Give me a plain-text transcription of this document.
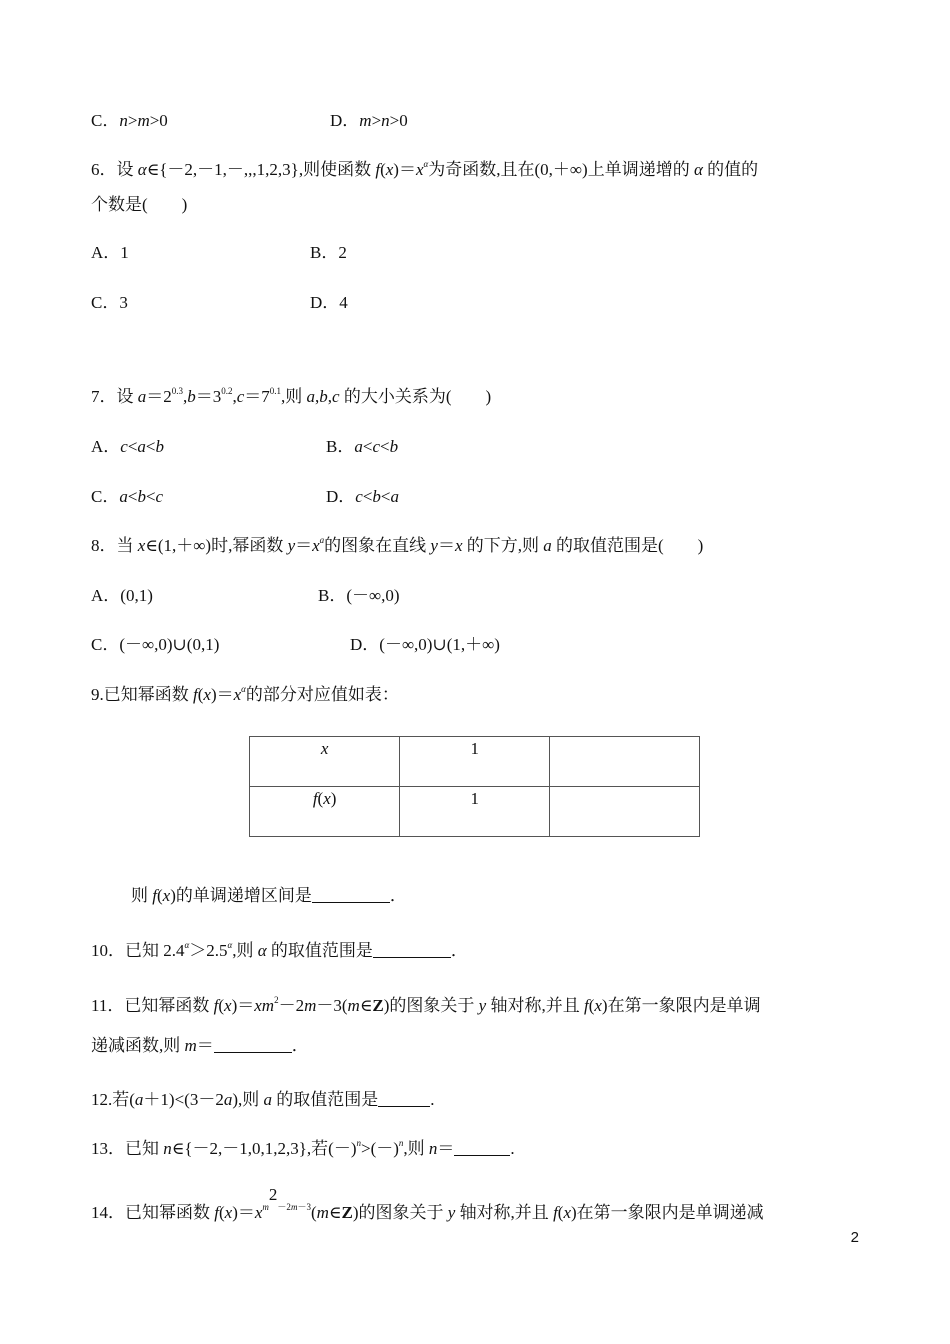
C．n>m>0	D．m>n>0
6．设 α∈{－2,－1,－,,,1,2,3},则使函数 $f(x)=x^\alpha$为奇函数,且在(0,＋∞)上单调递增的 α 的值的
个数是(　　)
A．1	B．2
C．3	D．4
7．设 $a=2^{0.3},b=3^{0.2},c=7^{0.1}$,则 a,b,c 的大小关系为(　　)
A．c<a<b	B．a<c<b
C．a<b<c	D．c<b<a
8．当 x∈(1,＋∞)时,幂函数 $y=x^a$的图象在直线 y＝x 的下方,则 a 的取值范围是(　　)
A．(0,1)	B．(－∞,0)
C．(－∞,0)∪(0,1)	D．(－∞,0)∪(1,＋∞)
9.已知幂函数 $f(x)=x^\alpha$的部分对应值如表：
x	1	
f(x)	1	
则 f(x)的单调递增区间是	．
10．已知 $2.4^\alpha>2.5^\alpha$,则 α 的取值范围是	．
11．已知幂函数 $f(x)=xm^2-2m-3(m\in Z)$的图象关于 y 轴对称,并且 f(x)在第一象限内是单调
递减函数,则 m＝	．
12.若(a＋1)<(3－2a),则 a 的取值范围是	.
13．已知 n∈{－2,－1,0,1,2,3},若$(-)^n>(-)^n$,则 n＝	.
14．已知幂函数 $f(x)=x^{m2-2m-3}(m\in Z)$的图象关于 y 轴对称,并且 f(x)在第一象限内是单调递减
2
